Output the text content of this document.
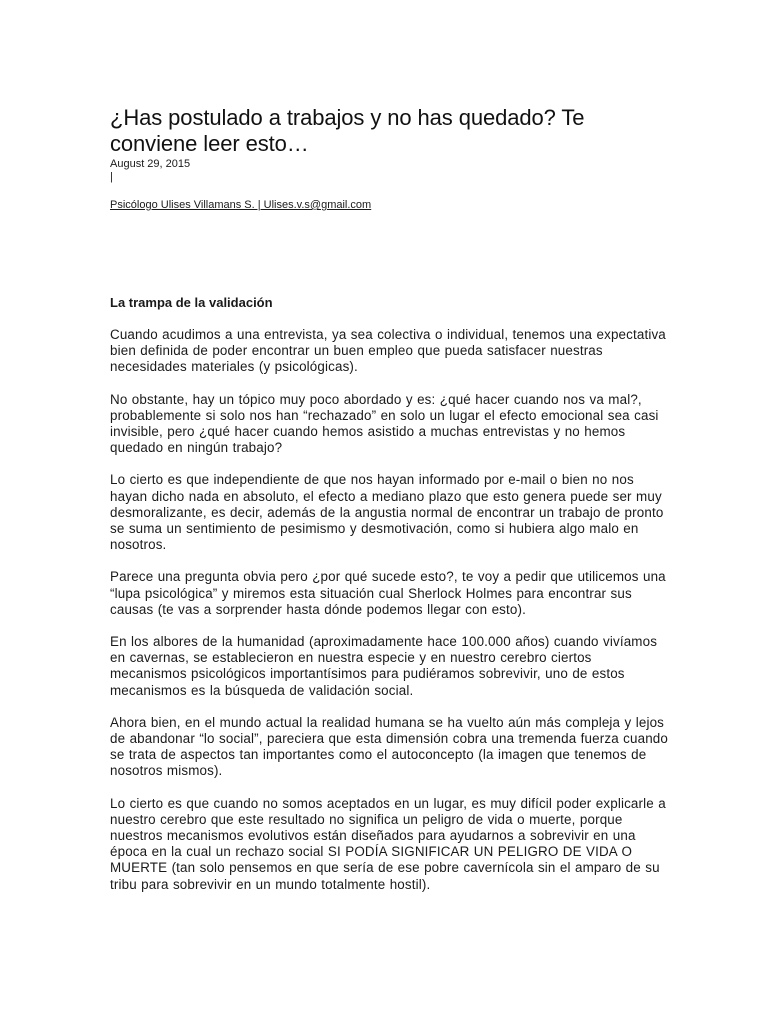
¿Has postulado a trabajos y no has quedado? Te conviene leer esto…
August 29, 2015
|
Psicólogo Ulises Villamans S. | Ulises.v.s@gmail.com
La trampa de la validación

Cuando acudimos a una entrevista, ya sea colectiva o individual, tenemos una expectativa bien definida de poder encontrar un buen empleo que pueda satisfacer nuestras necesidades materiales (y psicológicas).

No obstante, hay un tópico muy poco abordado y es: ¿qué hacer cuando nos va mal?, probablemente si solo nos han “rechazado” en solo un lugar el efecto emocional sea casi invisible, pero ¿qué hacer cuando hemos asistido a muchas entrevistas y no hemos quedado en ningún trabajo?

Lo cierto es que independiente de que nos hayan informado por e-mail o bien no nos hayan dicho nada en absoluto, el efecto a mediano plazo que esto genera puede ser muy desmoralizante, es decir, además de la angustia normal de encontrar un trabajo de pronto se suma un sentimiento de pesimismo y desmotivación, como si hubiera algo malo en nosotros.

Parece una pregunta obvia pero ¿por qué sucede esto?, te voy a pedir que utilicemos una “lupa psicológica” y miremos esta situación cual Sherlock Holmes para encontrar sus causas (te vas a sorprender hasta dónde podemos llegar con esto).

En los albores de la humanidad (aproximadamente hace 100.000 años) cuando vivíamos en cavernas, se establecieron en nuestra especie y en nuestro cerebro ciertos mecanismos psicológicos importantísimos para pudiéramos sobrevivir, uno de estos mecanismos es la búsqueda de validación social.

Ahora bien, en el mundo actual la realidad humana se ha vuelto aún más compleja y lejos de abandonar “lo social”, pareciera que esta dimensión cobra una tremenda fuerza cuando se trata de aspectos tan importantes como el autoconcepto (la imagen que tenemos de nosotros mismos).

Lo cierto es que cuando no somos aceptados en un lugar, es muy difícil poder explicarle a nuestro cerebro que este resultado no significa un peligro de vida o muerte, porque nuestros mecanismos evolutivos están diseñados para ayudarnos a sobrevivir en una época en la cual un rechazo social SI PODÍA SIGNIFICAR UN PELIGRO DE VIDA O MUERTE (tan solo pensemos en que sería de ese pobre cavernícola sin el amparo de su tribu para sobrevivir en un mundo totalmente hostil).
